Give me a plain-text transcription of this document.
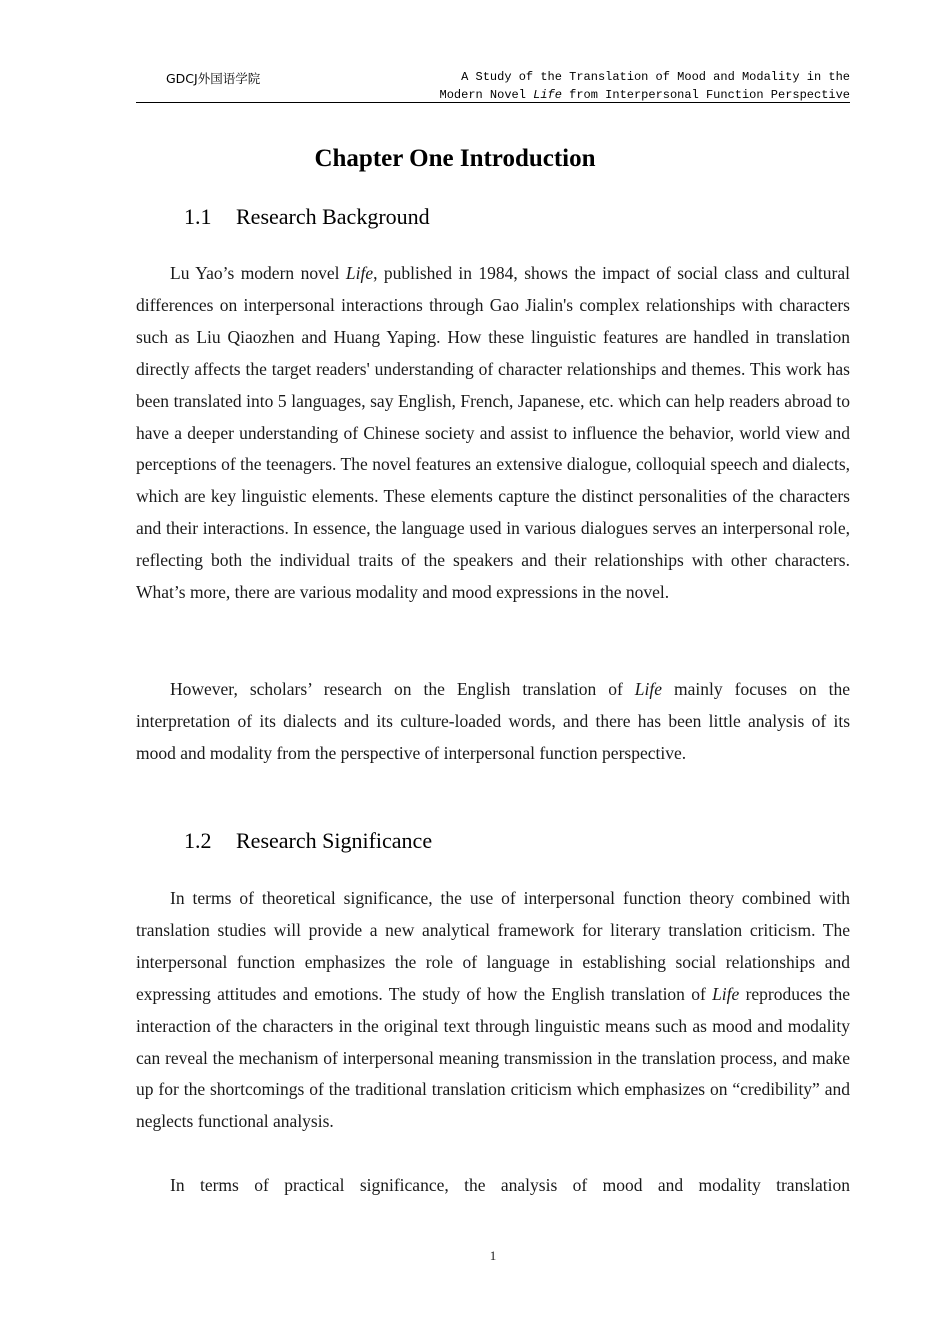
GDCJ外国语学院	A Study of the Translation of Mood and Modality in the
Modern Novel Life from Interpersonal Function Perspective
Chapter One Introduction
1.1 Research Background

Lu Yao’s modern novel Life, published in 1984, shows the impact of social class and cultural differences on interpersonal interactions through Gao Jialin's complex relationships with characters such as Liu Qiaozhen and Huang Yaping. How these linguistic features are handled in translation directly affects the target readers' understanding of character relationships and themes. This work has been translated into 5 languages, say English, French, Japanese, etc. which can help readers abroad to have a deeper understanding of Chinese society and assist to influence the behavior, world view and perceptions of the teenagers. The novel features an extensive dialogue, colloquial speech and dialects, which are key linguistic elements. These elements capture the distinct personalities of the characters and their interactions. In essence, the language used in various dialogues serves an interpersonal role, reflecting both the individual traits of the speakers and their relationships with other characters. What’s more, there are various modality and mood expressions in the novel.

However, scholars’ research on the English translation of Life mainly focuses on the interpretation of its dialects and its culture-loaded words, and there has been little analysis of its mood and modality from the perspective of interpersonal function perspective.

1.2 Research Significance

In terms of theoretical significance, the use of interpersonal function theory combined with translation studies will provide a new analytical framework for literary translation criticism. The interpersonal function emphasizes the role of language in establishing social relationships and expressing attitudes and emotions. The study of how the English translation of Life reproduces the interaction of the characters in the original text through linguistic means such as mood and modality can reveal the mechanism of interpersonal meaning transmission in the translation process, and make up for the shortcomings of the traditional translation criticism which emphasizes on “credibility” and neglects functional analysis.

In terms of practical significance, the analysis of mood and modality translation

1
